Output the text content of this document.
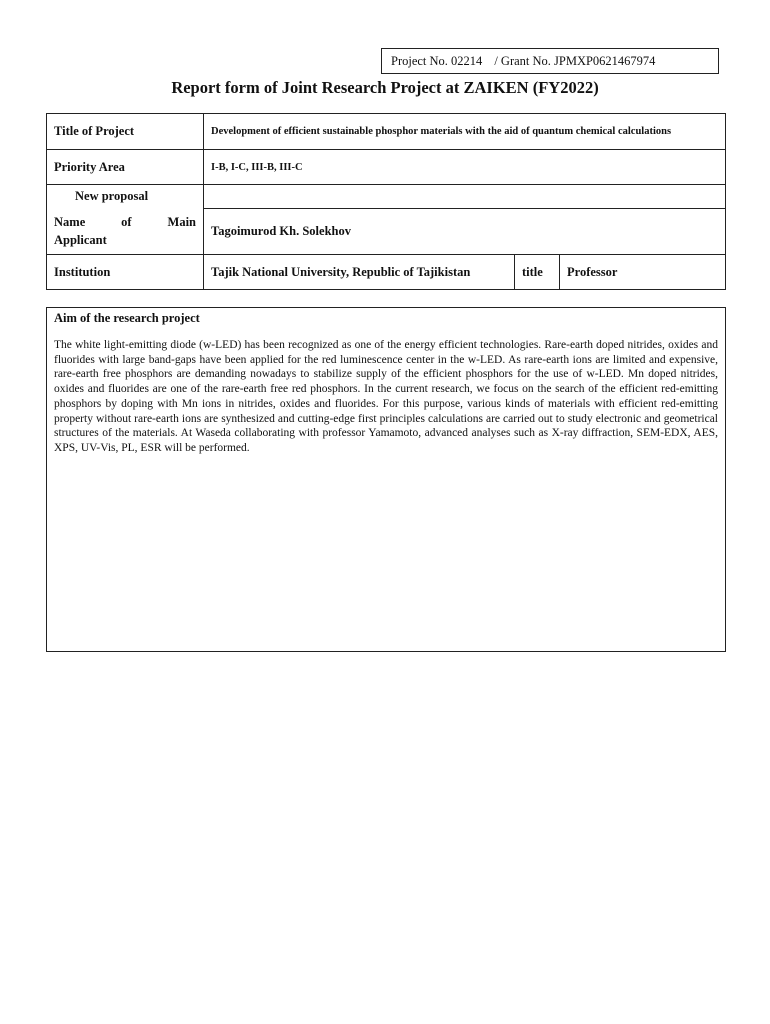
Project No. 02214 / Grant No. JPMXP0621467974
Report form of Joint Research Project at ZAIKEN (FY2022)
Title of Project	Development of efficient sustainable phosphor materials with the aid of quantum chemical calculations		
Priority Area	I-B, I-C, III-B, III-C		
New proposal			

Name of Main
Applicant	Tagoimurod Kh. Solekhov		
Institution	Tajik National University, Republic of Tajikistan	title	Professor

Aim of the research project

The white light-emitting diode (w-LED) has been recognized as one of the energy efficient technologies. Rare-earth doped nitrides, oxides and fluorides with large band-gaps have been applied for the red luminescence center in the w-LED. As rare-earth ions are limited and expensive, rare-earth free phosphors are demanding nowadays to stabilize supply of the efficient phosphors for the use of w-LED. Mn doped nitrides, oxides and fluorides are one of the rare-earth free red phosphors. In the current research, we focus on the search of the efficient red-emitting phosphors by doping with Mn ions in nitrides, oxides and fluorides. For this purpose, various kinds of materials with efficient red-emitting property without rare-earth ions are synthesized and cutting-edge first principles calculations are carried out to study electronic and geometrical structures of the materials. At Waseda collaborating with professor Yamamoto, advanced analyses such as X-ray diffraction, SEM-EDX, AES, XPS, UV-Vis, PL, ESR will be performed.
